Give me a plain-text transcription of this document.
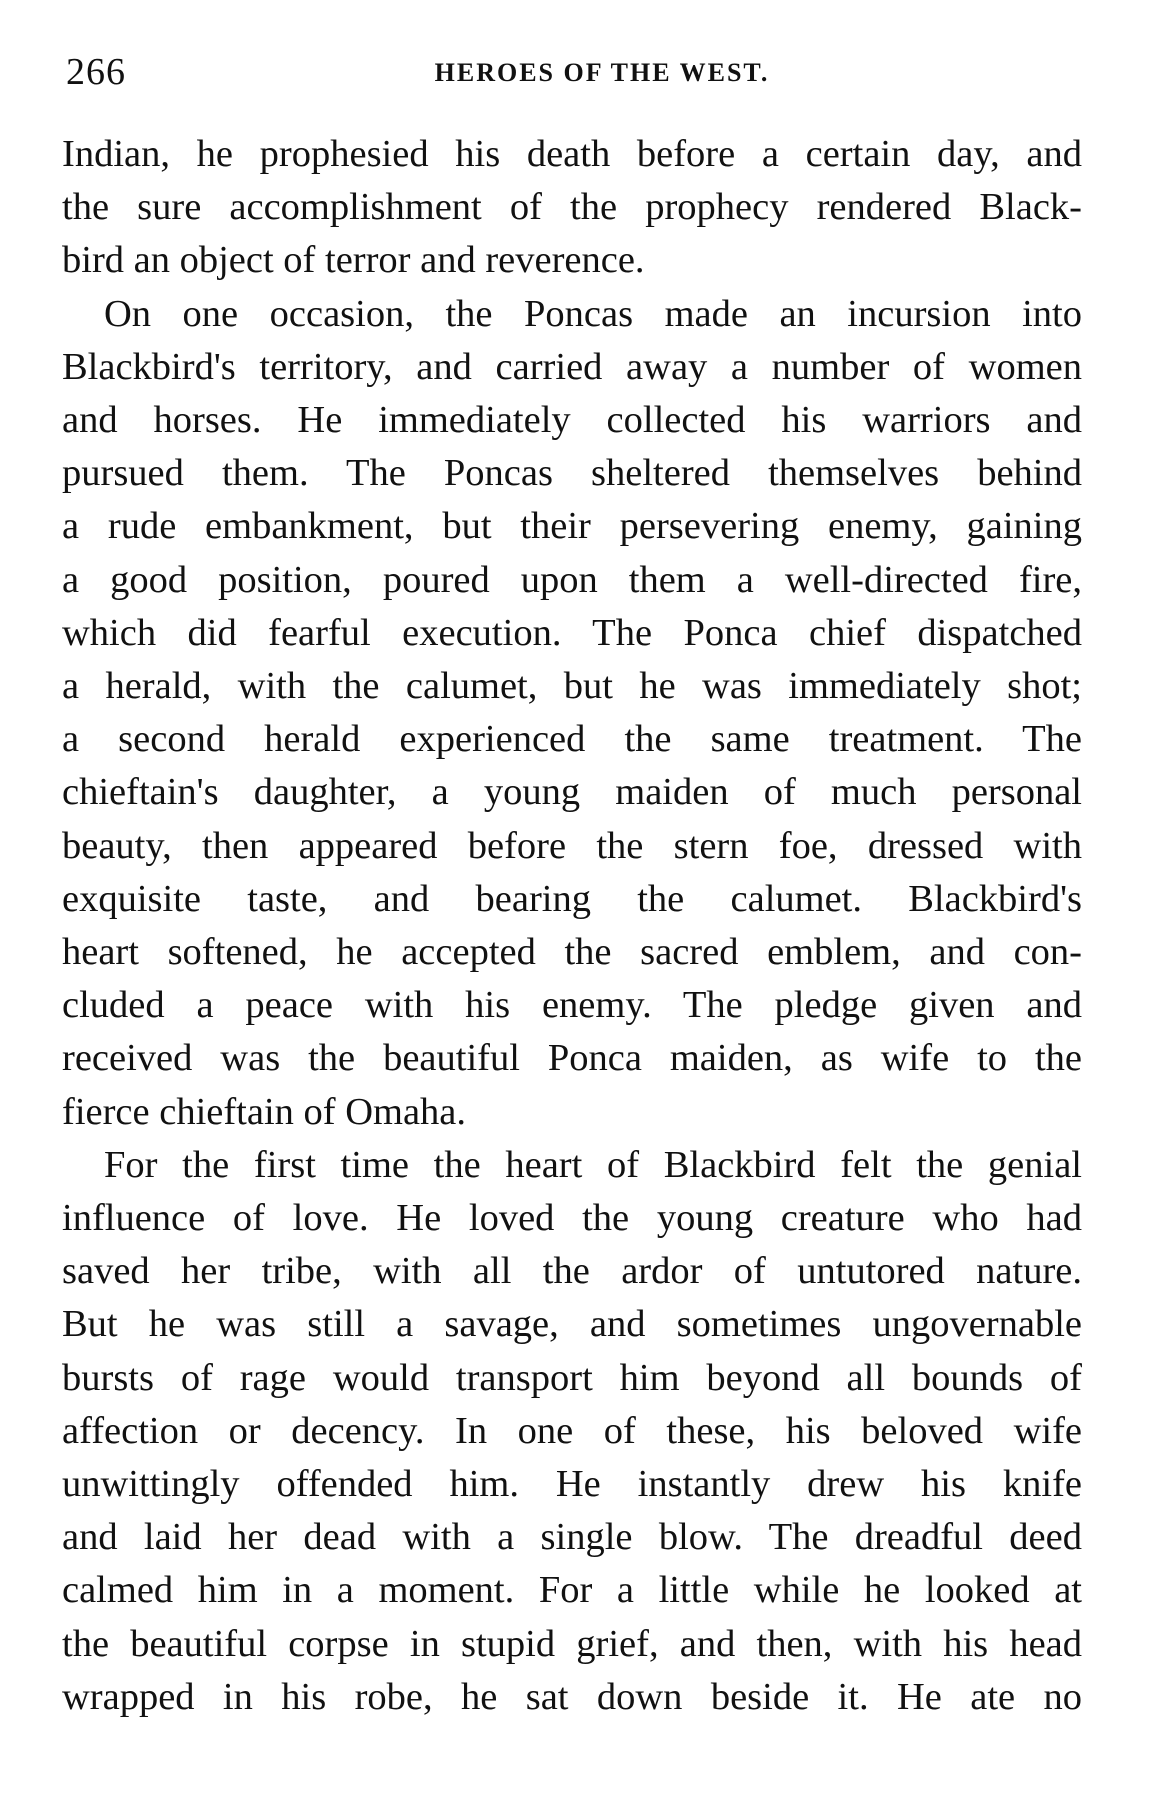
266	HEROES OF THE WEST.

Indian, he prophesied his death before a certain day, and
the sure accomplishment of the prophecy rendered Black-
bird an object of terror and reverence.

On one occasion, the Poncas made an incursion into
Blackbird's territory, and carried away a number of women
and horses. He immediately collected his warriors and
pursued them. The Poncas sheltered themselves behind
a rude embankment, but their persevering enemy, gaining
a good position, poured upon them a well-directed fire,
which did fearful execution. The Ponca chief dispatched
a herald, with the calumet, but he was immediately shot;
a second herald experienced the same treatment. The
chieftain's daughter, a young maiden of much personal
beauty, then appeared before the stern foe, dressed with
exquisite taste, and bearing the calumet. Blackbird's
heart softened, he accepted the sacred emblem, and con-
cluded a peace with his enemy. The pledge given and
received was the beautiful Ponca maiden, as wife to the
fierce chieftain of Omaha.

For the first time the heart of Blackbird felt the genial
influence of love. He loved the young creature who had
saved her tribe, with all the ardor of untutored nature.
But he was still a savage, and sometimes ungovernable
bursts of rage would transport him beyond all bounds of
affection or decency. In one of these, his beloved wife
unwittingly offended him. He instantly drew his knife
and laid her dead with a single blow. The dreadful deed
calmed him in a moment. For a little while he looked at
the beautiful corpse in stupid grief, and then, with his head
wrapped in his robe, he sat down beside it. He ate no
